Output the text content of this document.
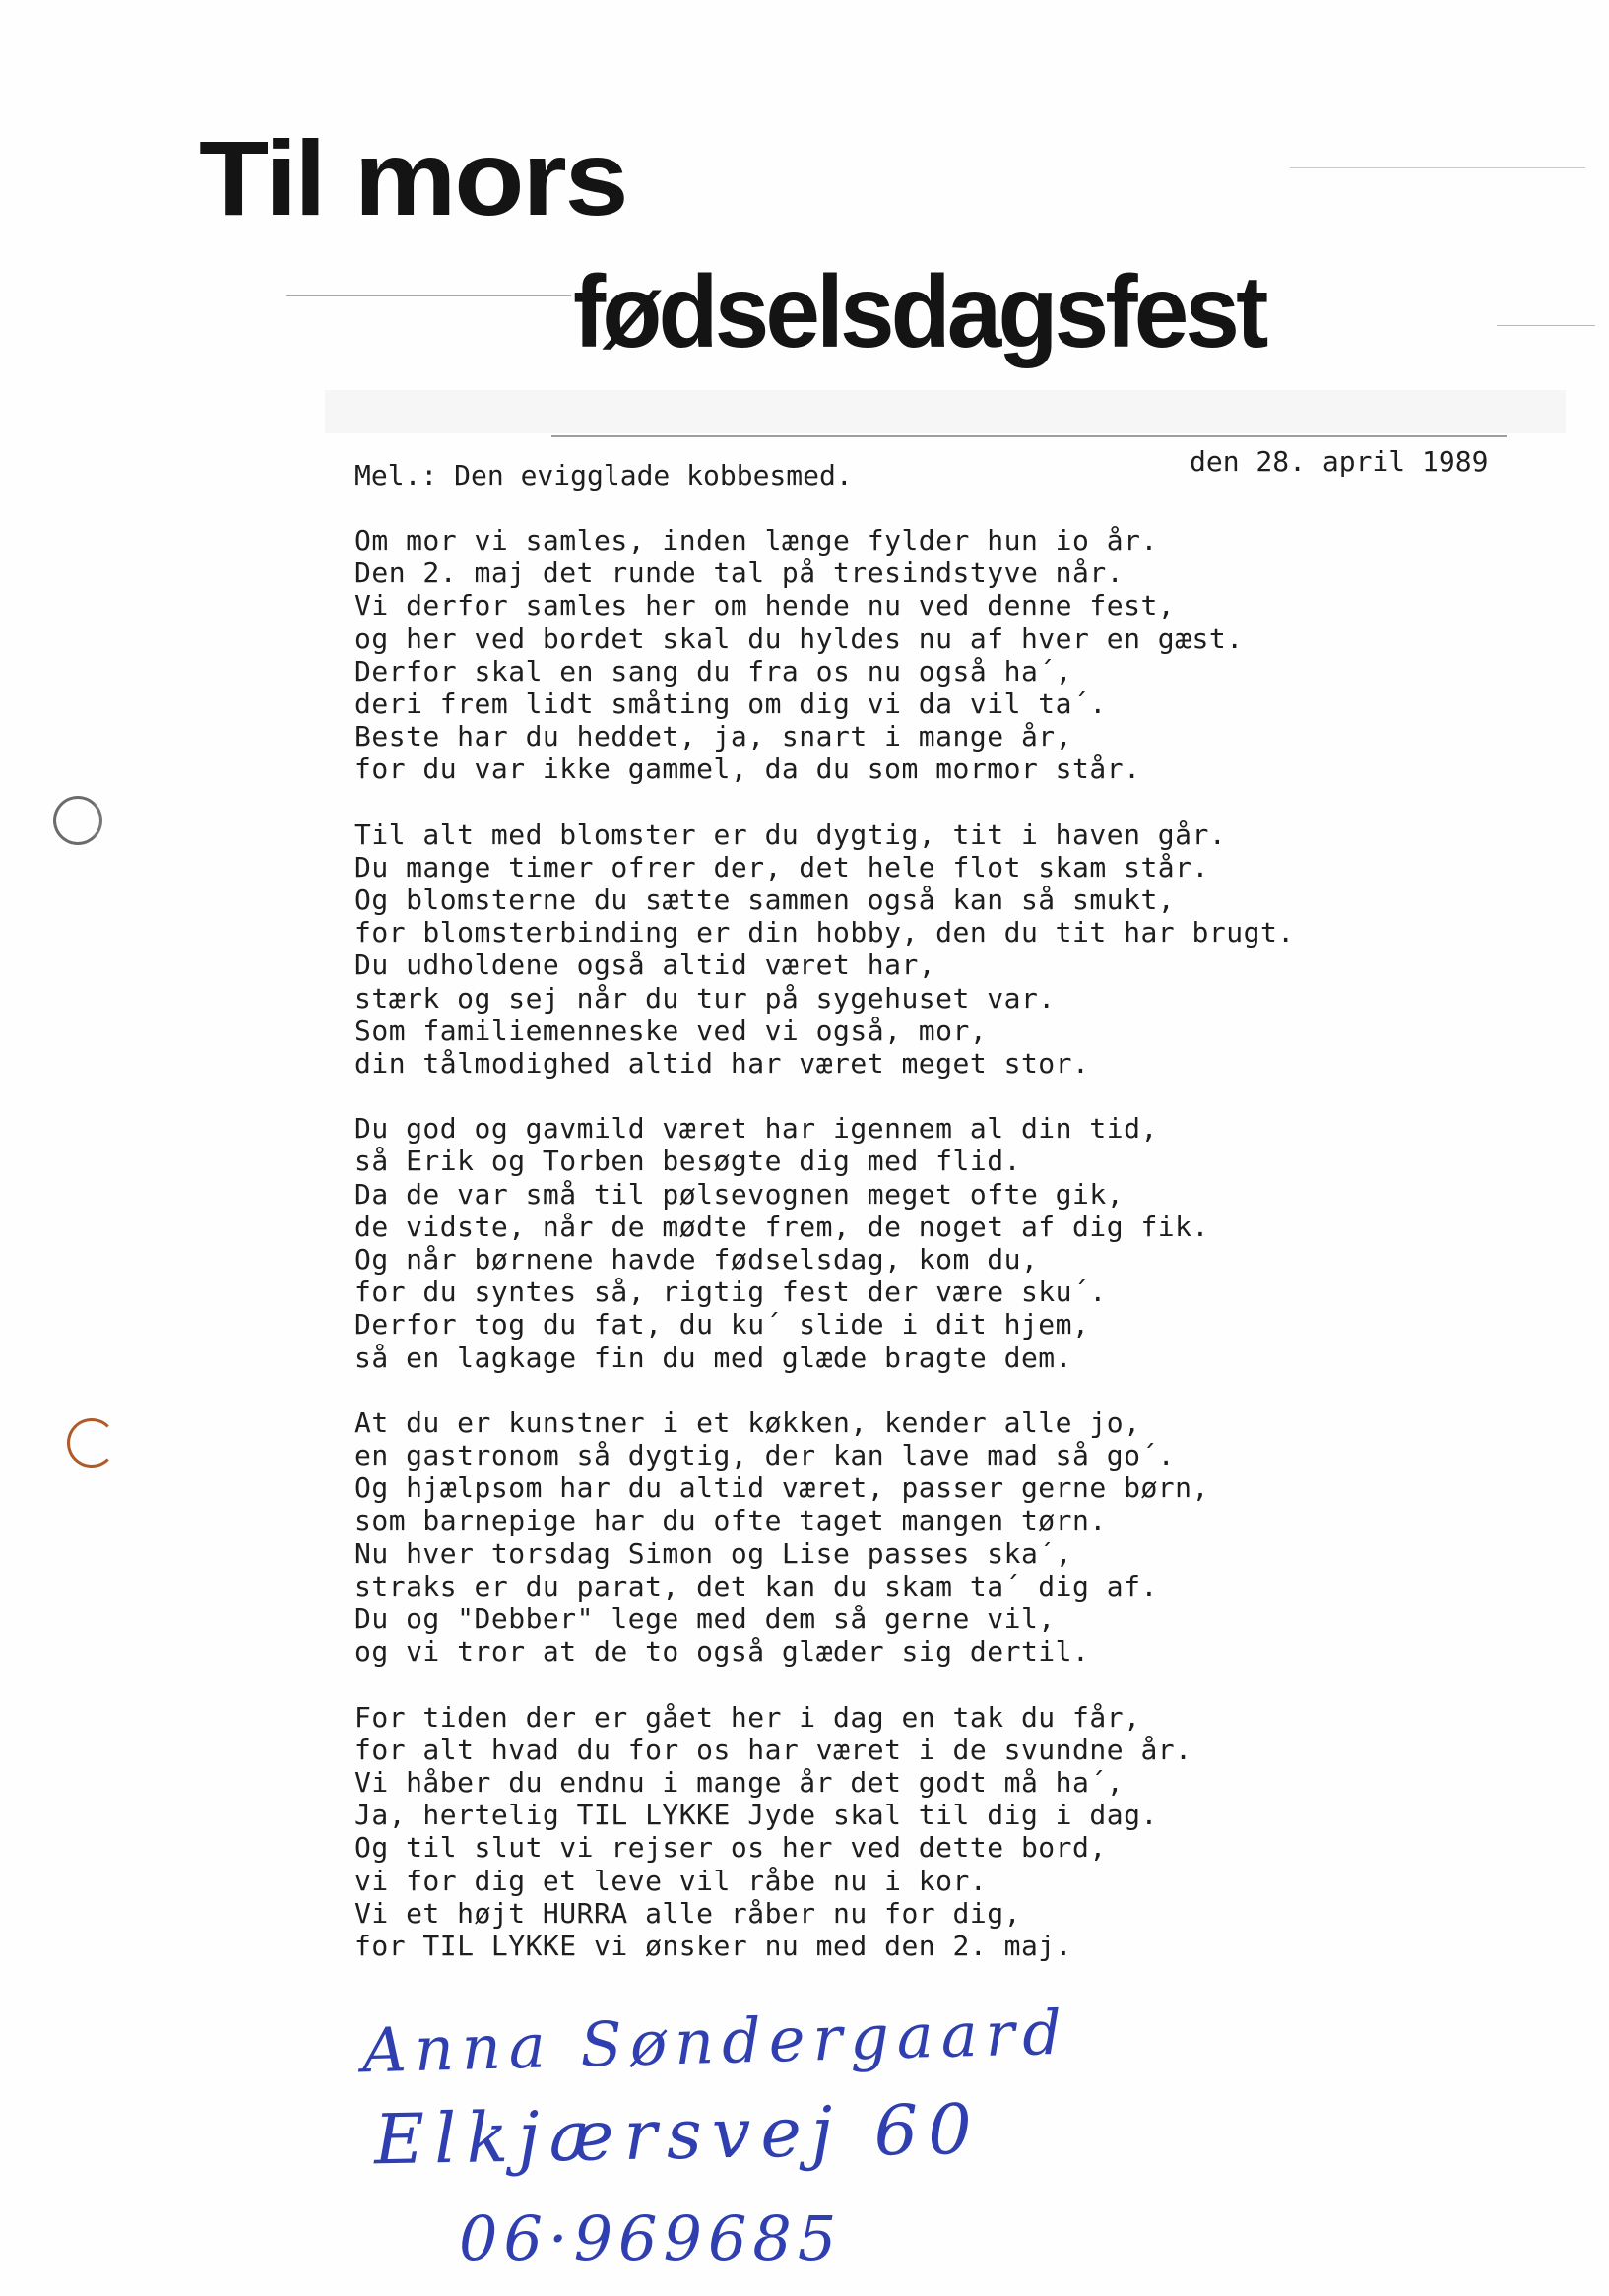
Til mors
fødselsdagsfest
den 28. april 1989
Mel.: Den evigglade kobbesmed.
Om mor vi samles, inden længe fylder hun io år.
Den 2. maj det runde tal på tresindstyve når.
Vi derfor samles her om hende nu ved denne fest,
og her ved bordet skal du hyldes nu af hver en gæst.
Derfor skal en sang du fra os nu også ha´,
deri frem lidt småting om dig vi da vil ta´.
Beste har du heddet, ja, snart i mange år,
for du var ikke gammel, da du som mormor står.
Til alt med blomster er du dygtig, tit i haven går.
Du mange timer ofrer der, det hele flot skam står.
Og blomsterne du sætte sammen også kan så smukt,
for blomsterbinding er din hobby, den du tit har brugt.
Du udholdene også altid været har,
stærk og sej når du tur på sygehuset var.
Som familiemenneske ved vi også, mor,
din tålmodighed altid har været meget stor.
Du god og gavmild været har igennem al din tid,
så Erik og Torben besøgte dig med flid.
Da de var små til pølsevognen meget ofte gik,
de vidste, når de mødte frem, de noget af dig fik.
Og når børnene havde fødselsdag, kom du,
for du syntes så, rigtig fest der være sku´.
Derfor tog du fat, du ku´ slide i dit hjem,
så en lagkage fin du med glæde bragte dem.
At du er kunstner i et køkken, kender alle jo,
en gastronom så dygtig, der kan lave mad så go´.
Og hjælpsom har du altid været, passer gerne børn,
som barnepige har du ofte taget mangen tørn.
Nu hver torsdag Simon og Lise passes ska´,
straks er du parat, det kan du skam ta´ dig af.
Du og "Debber" lege med dem så gerne vil,
og vi tror at de to også glæder sig dertil.
For tiden der er gået her i dag en tak du får,
for alt hvad du for os har været i de svundne år.
Vi håber du endnu i mange år det godt må ha´,
Ja, hertelig TIL LYKKE Jyde skal til dig i dag.
Og til slut vi rejser os her ved dette bord,
vi for dig et leve vil råbe nu i kor.
Vi et højt HURRA alle råber nu for dig,
for TIL LYKKE vi ønsker nu med den 2. maj.
Anna Søndergaard
Elkjærsvej 60
06·969685
